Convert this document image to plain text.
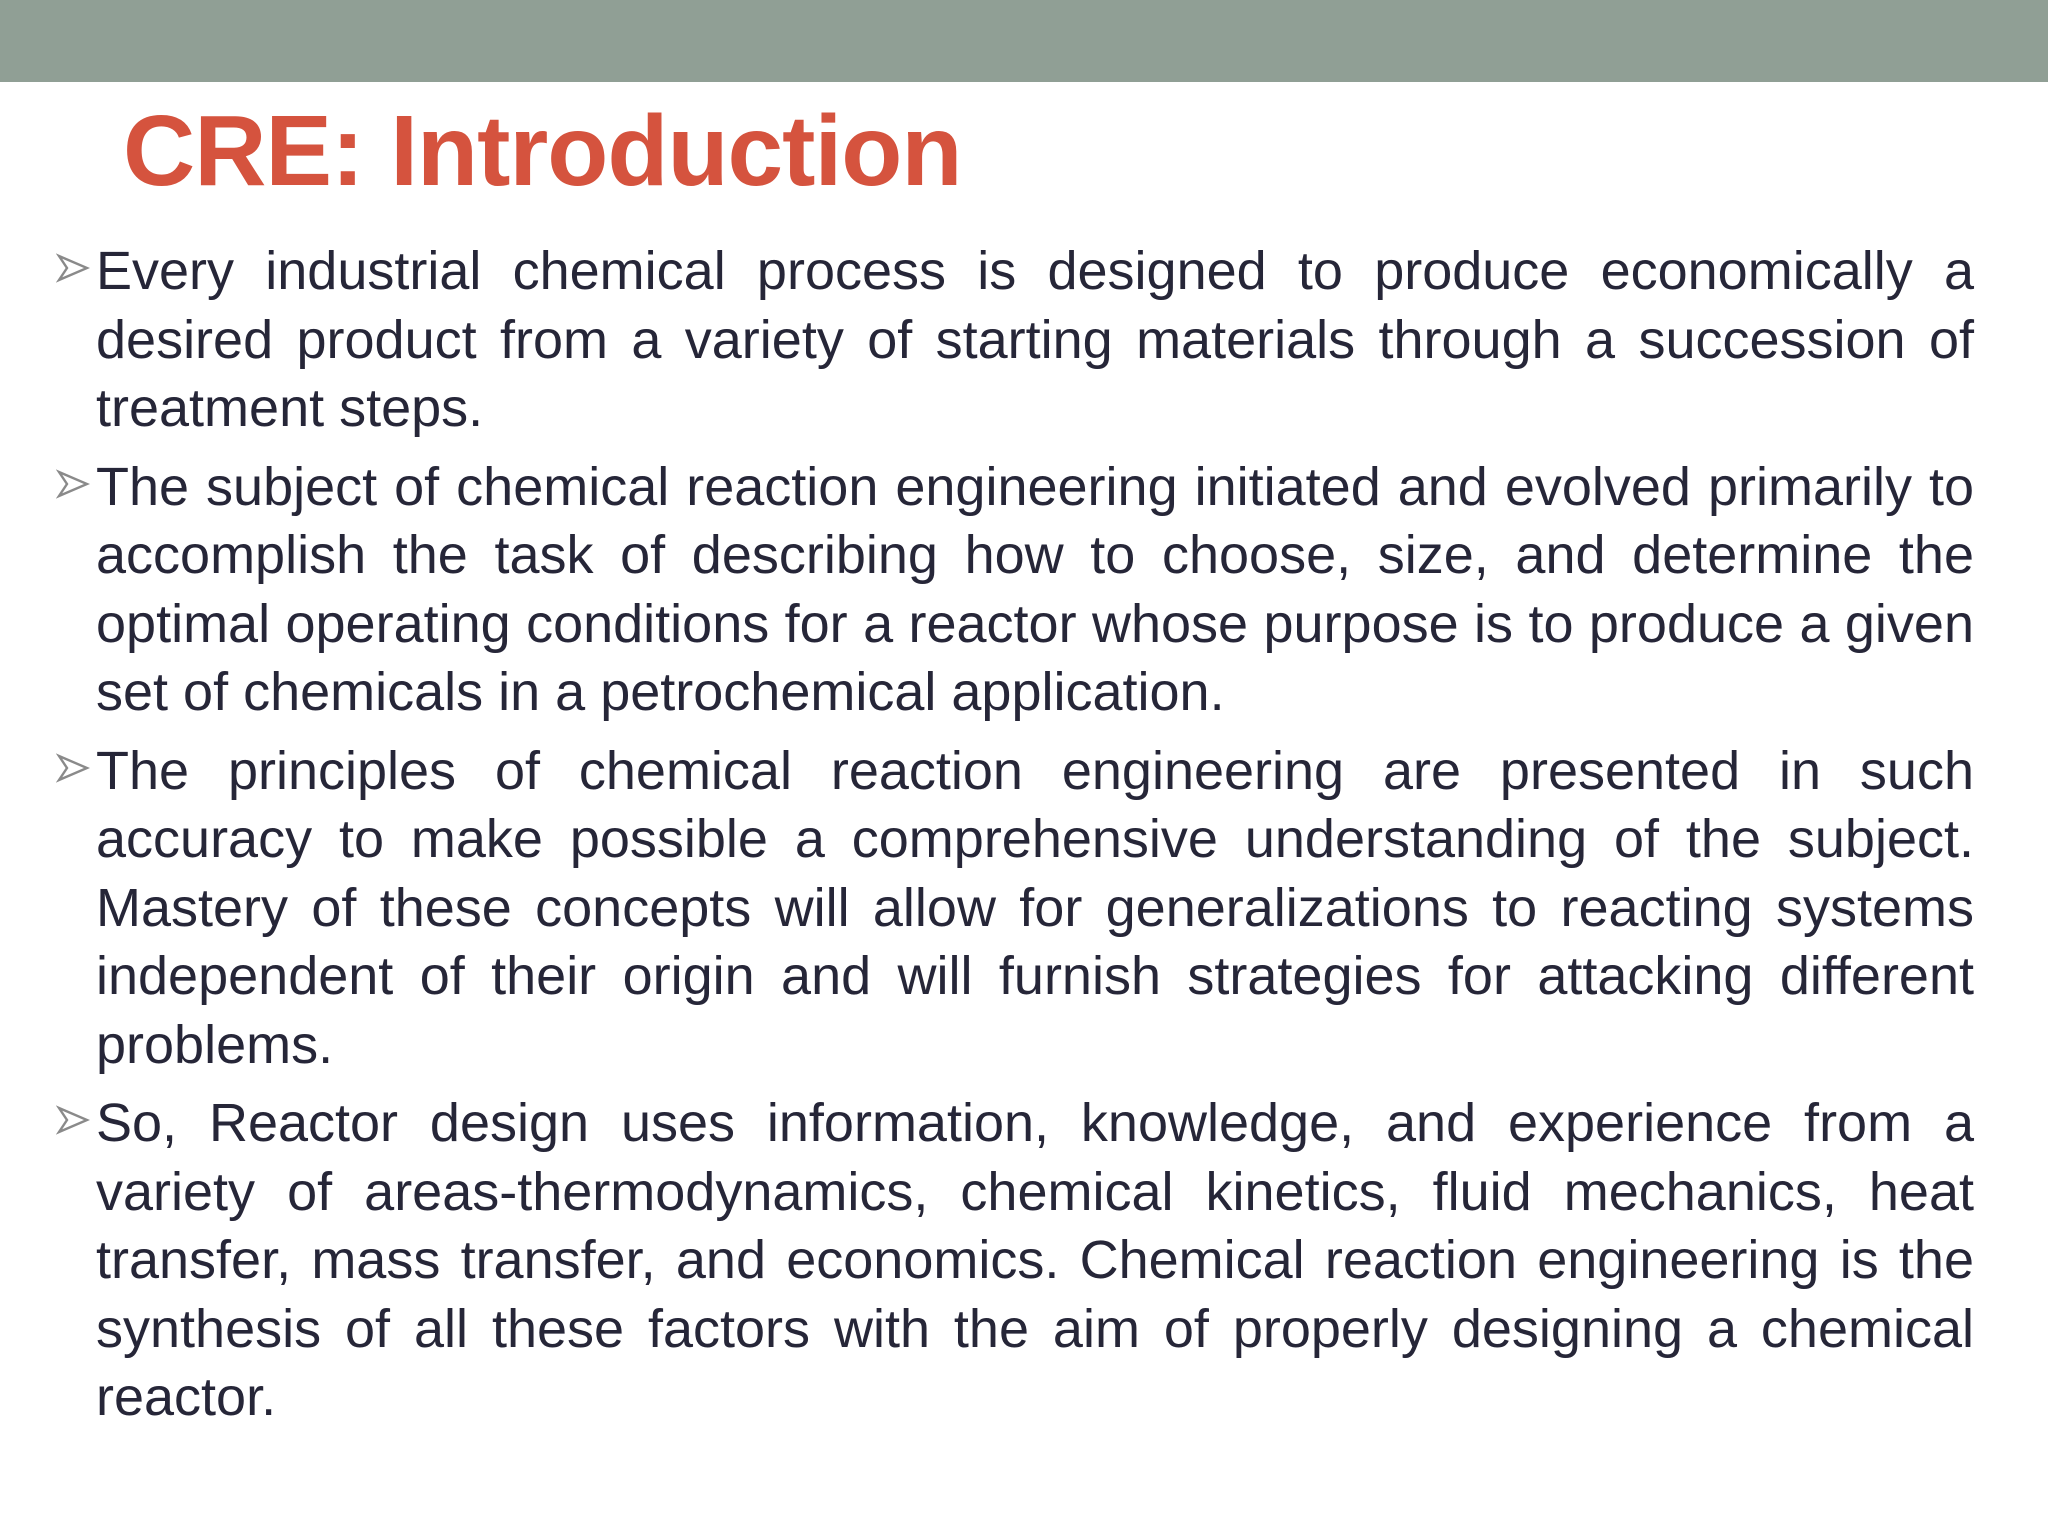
CRE: Introduction

Every industrial chemical process is designed to produce economically a desired product from a variety of starting materials through a succession of treatment steps.

The subject of chemical reaction engineering initiated and evolved primarily to accomplish the task of describing how to choose, size, and determine the optimal operating conditions for a reactor whose purpose is to produce a given set of chemicals in a petrochemical application.

The principles of chemical reaction engineering are presented in such accuracy to make possible a comprehensive understanding of the subject. Mastery of these concepts will allow for generalizations to reacting systems independent of their origin and will furnish strategies for attacking different problems.

So, Reactor design uses information, knowledge, and experience from a variety of areas-thermodynamics, chemical kinetics, fluid mechanics, heat transfer, mass transfer, and economics. Chemical reaction engineering is the synthesis of all these factors with the aim of properly designing a chemical reactor.
